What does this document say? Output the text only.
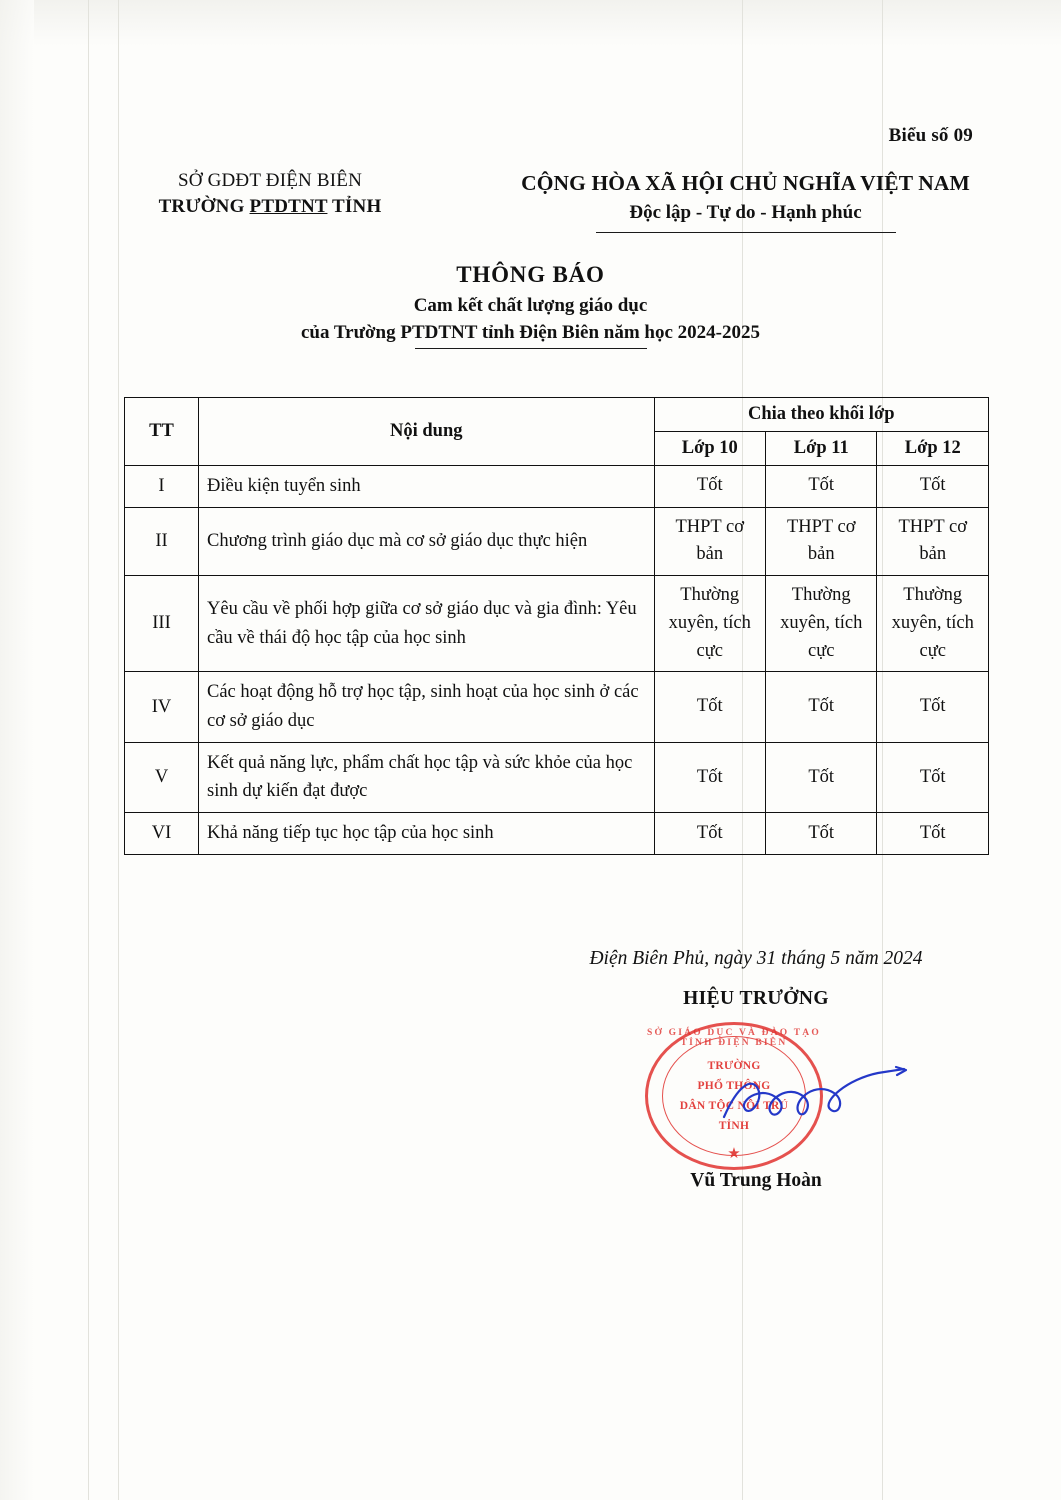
Biểu số 09
SỞ GDĐT ĐIỆN BIÊN
TRƯỜNG PTDTNT TỈNH
CỘNG HÒA XÃ HỘI CHỦ NGHĨA VIỆT NAM
Độc lập - Tự do - Hạnh phúc
THÔNG BÁO
Cam kết chất lượng giáo dục
của Trường PTDTNT tỉnh Điện Biên năm học 2024-2025
TT	Nội dung	Chia theo khối lớp		
		Lớp 10	Lớp 11	Lớp 12
I	Điều kiện tuyển sinh	Tốt	Tốt	Tốt
II	Chương trình giáo dục mà cơ sở giáo dục thực hiện	THPT cơ bản	THPT cơ bản	THPT cơ bản
III	Yêu cầu về phối hợp giữa cơ sở giáo dục và gia đình: Yêu cầu về thái độ học tập của học sinh	Thường xuyên, tích cực	Thường xuyên, tích cực	Thường xuyên, tích cực
IV	Các hoạt động hỗ trợ học tập, sinh hoạt của học sinh ở các cơ sở giáo dục	Tốt	Tốt	Tốt
V	Kết quả năng lực, phẩm chất học tập và sức khỏe của học sinh dự kiến đạt được	Tốt	Tốt	Tốt
VI	Khả năng tiếp tục học tập của học sinh	Tốt	Tốt	Tốt
Điện Biên Phủ, ngày 31 tháng 5 năm 2024
HIỆU TRƯỞNG
Vũ Trung Hoàn
SỞ GIÁO DỤC VÀ ĐÀO TẠO TỈNH ĐIỆN BIÊN
TRƯỜNG
PHỔ THÔNG
DÂN TỘC NỘI TRÚ
TỈNH
★
